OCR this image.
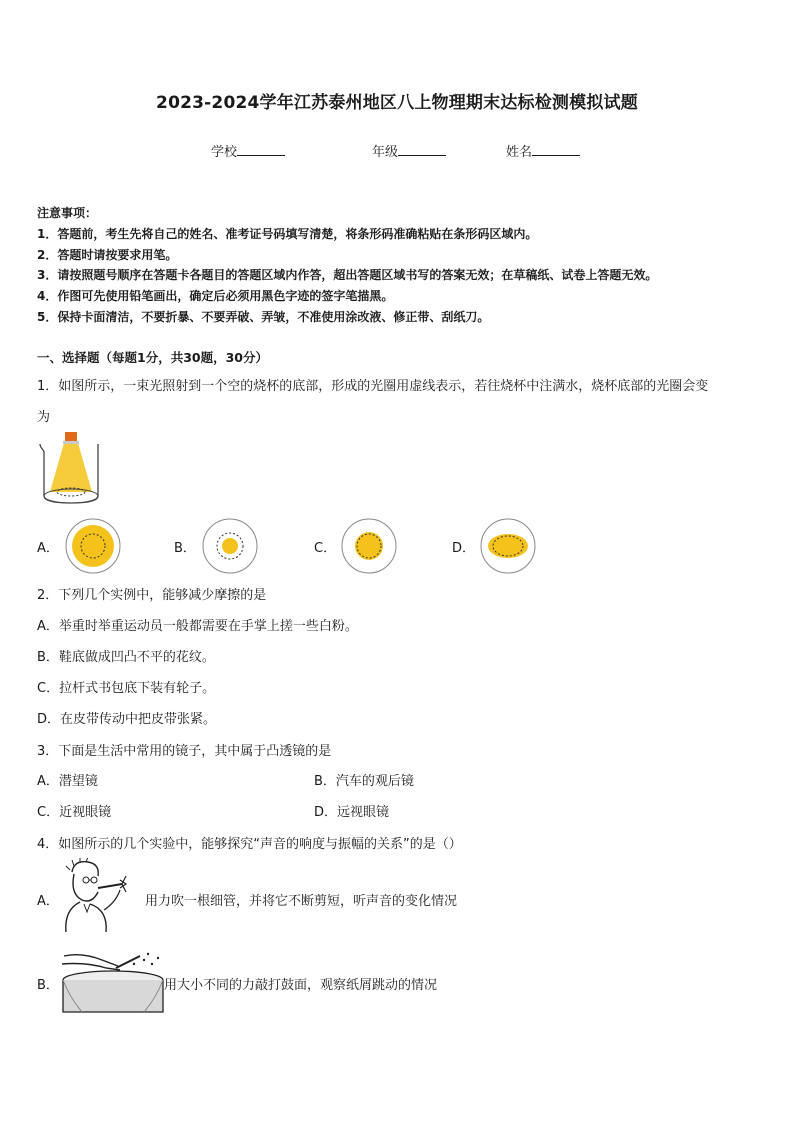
2023-2024学年江苏泰州地区八上物理期末达标检测模拟试题
学校	年级	姓名
注意事项：
1．答题前，考生先将自己的姓名、准考证号码填写清楚，将条形码准确粘贴在条形码区域内。
2．答题时请按要求用笔。
3．请按照题号顺序在答题卡各题目的答题区域内作答，超出答题区域书写的答案无效；在草稿纸、试卷上答题无效。
4．作图可先使用铅笔画出，确定后必须用黑色字迹的签字笔描黑。
5．保持卡面清洁，不要折暴、不要弄破、弄皱，不准使用涂改液、修正带、刮纸刀。
一、选择题（每题1分，共30题，30分）
1．如图所示，一束光照射到一个空的烧杯的底部，形成的光圈用虚线表示，若往烧杯中注满水，烧杯底部的光圈会变
为
A．	B．	C．	D．
2．下列几个实例中，能够减少摩擦的是
A．举重时举重运动员一般都需要在手掌上搓一些白粉。
B．鞋底做成凹凸不平的花纹。
C．拉杆式书包底下装有轮子。
D．在皮带传动中把皮带张紧。
3．下面是生活中常用的镜子，其中属于凸透镜的是
A．潜望镜	B．汽车的观后镜
C．近视眼镜	D．远视眼镜
4．如图所示的几个实验中，能够探究“声音的响度与振幅的关系”的是（）
A．	用力吹一根细管，并将它不断剪短，听声音的变化情况
B．	用大小不同的力敲打鼓面，观察纸屑跳动的情况
